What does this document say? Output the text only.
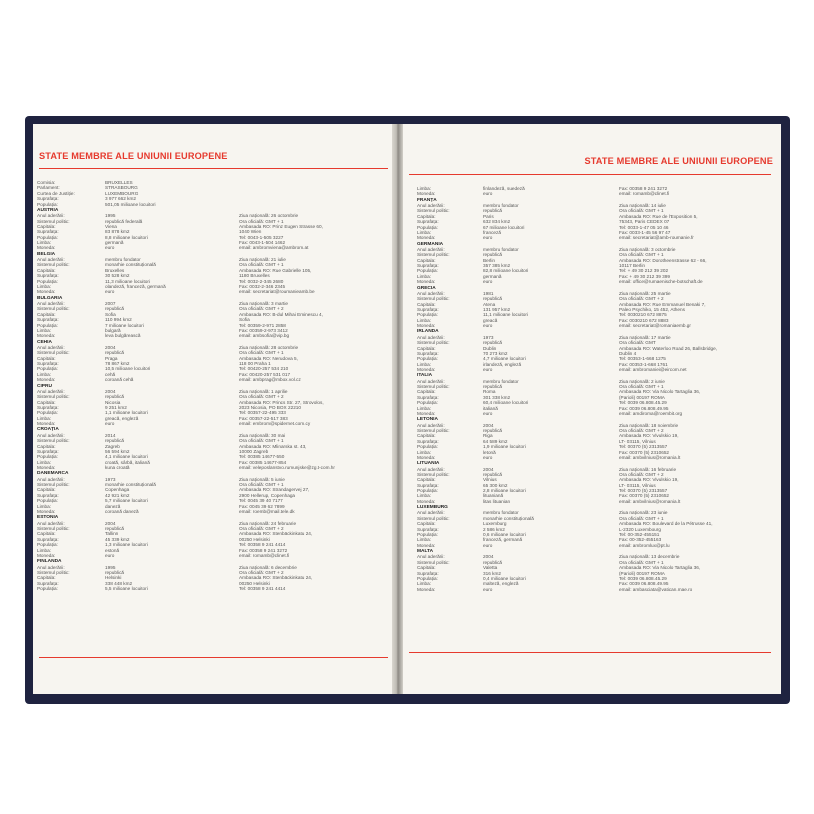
STATE MEMBRE ALE UNIUNII EUROPENE
Comisia:
Parlament:
Curtea de Justiție:
Suprafața:
Populația:
BRUXELLES
STRASBOURG
LUXEMBOURG
3 977 662 km2
501,05 milioane locuitori
AUSTRIA
Anul aderării:
Sistemul politic:
Capitala:
Suprafața:
Populația:
Limba:
Moneda:
1995
republică federală
Viena
83 878 km2
8,8 milioane locuitori
germană
euro
Ziua națională: 26 octombrie
Ora oficială: GMT + 1
Ambasada RO: Prinz Eugen Strasse 60,
1040 Wien
Tel: 0043-1-505 3227
Fax: 0043-1-504 1462
email: ambromviena@ambrom.at
BELGIA
Anul aderării:
Sistemul politic:
Capitala:
Suprafața:
Populația:
Limba:
Moneda:
membru fondator
monarhie constituțională
Bruxelles
30 528 km2
11,3 milioane locuitori
olandeză, franceză, germană
euro
Ziua națională: 21 iulie
Ora oficială: GMT + 1
Ambasada RO: Rue Gabrielle 105,
1180 Bruxelles
Tel: 0032-2-345 2680
Fax: 0032-2-346 2345
email: secretariat@roumanieamb.be
BULGARIA
Anul aderării:
Sistemul politic:
Capitala:
Suprafața:
Populația:
Limba:
Moneda:
2007
republică
Sofia
110 994 km2
7 milioane locuitori
bulgară
leva bulgărească
Ziua națională: 3 martie
Ora oficială: GMT + 2
Ambasada RO: B-dul Mihai Eminescu 4,
Sofia
Tel: 00359-2-971 2858
Fax: 00359-2-973 3412
email: ambsofia@vip.bg
CEHIA
Anul aderării:
Sistemul politic:
Capitala:
Suprafața:
Populația:
Limba:
Moneda:
2004
republică
Praga
78 867 km2
10,5 milioane locuitori
cehă
coroană cehă
Ziua națională: 28 octombrie
Ora oficială: GMT + 1
Ambasada RO: Nerudova 5,
118 00 Praha 1
Tel: 00420-257 534 210
Fax: 00420-257 531 017
email: ambprag@mbox.vol.cz
CIPRU
Anul aderării:
Sistemul politic:
Capitala:
Suprafața:
Populația:
Limba:
Moneda:
2004
republică
Nicosia
9 251 km2
1,1 milioane locuitori
greacă, engleză
euro
Ziua națională: 1 aprilie
Ora oficială: GMT + 2
Ambasada RO: Princs Str. 27, Strovolos,
2023 Nicosia, PO BOX 22210
Tel: 00357-22-495 333
Fax: 00357-22-517 383
email: embrom@spidernet.com.cy
CROAȚIA
Anul aderării:
Sistemul politic:
Capitala:
Suprafața:
Populația:
Limba:
Moneda:
2014
republică
Zagreb
56 594 km2
4,1 milioane locuitori
croată, sârbă, italiană
kuna croată
Ziua națională: 30 mai
Ora oficială: GMT + 1
Ambasada RO: Mlinarska st. 43,
10000 Zagreb
Tel: 00385 14677-550
Fax: 00385 14677-854
email: veleposlanstvo.rumunjske@zg.t-com.hr
DANEMARCA
Anul aderării:
Sistemul politic:
Capitala:
Suprafața:
Populația:
Limba:
Moneda:
1973
monarhie constituțională
Copenhaga
42 921 km2
5,7 milioane locuitori
daneză
coroană daneză
Ziua națională: 5 iunie
Ora oficială: GMT + 1
Ambasada RO: Strandagervej 27,
2900 Hellerup, Copenhaga
Tel: 0045 39 40 7177
Fax: 0045 39 62 7899
email: roemb@mail.tele.dk
ESTONIA
Anul aderării:
Sistemul politic:
Capitala:
Suprafața:
Populația:
Limba:
Moneda:
2004
republică
Tallinn
45 339 km2
1,3 milioane locuitori
estonă
euro
Ziua națională: 24 februarie
Ora oficială: GMT + 2
Ambasada RO: Stenbäckinkatu 24,
00250 Helsinki
Tel: 00358 9 241 4414
Fax: 00358 9 241 3272
email: romamb@clinet.fi
FINLANDA
Anul aderării:
Sistemul politic:
Capitala:
Suprafața:
Populația:
1995
republică
Helsinki
338 448 km2
5,5 milioane locuitori
Ziua națională: 6 decembrie
Ora oficială: GMT + 2
Ambasada RO: Stenbäckinkatu 24,
00250 Helsinki
Tel: 00358 9 241 4414
STATE MEMBRE ALE UNIUNII EUROPENE
Limba:
Moneda:
finlandeză, suedeză
euro
Fax: 00358 9 241 3272
email: romamb@clinet.fi
FRANȚA
Anul aderării:
Sistemul politic:
Capitala:
Suprafața:
Populația:
Limba:
Moneda:
membru fondator
republică
Paris
632 834 km2
67 milioane locuitori
franceză
euro
Ziua națională: 14 iulie
Ora oficială: GMT + 1
Ambasada RO: Rue de l'Exposition 5,
75343, Paris CEDEX 07
Tel: 0033-1-47 05 10 46
Fax: 0033-1-45 56 97 47
email: secretariat@amb-roumanie.fr
GERMANIA
Anul aderării:
Sistemul politic:
Capitala:
Suprafața:
Populația:
Limba:
Moneda:
membru fondator
republică
Berlin
357 385 km2
82,8 milioane locuitori
germană
euro
Ziua națională: 3 octombrie
Ora oficială: GMT + 1
Ambasada RO: Dorotheenstrasse 62 - 66,
10117 Berlin
Tel: + 49 30 212 39 202
Fax: + 49 30 212 39 399
email: office@rumaenische-botschaft.de
GRECIA
Anul aderării:
Sistemul politic:
Capitala:
Suprafața:
Populația:
Limba:
Moneda:
1981
republică
Atena
131 957 km2
11,1 milioane locuitori
greacă
euro
Ziua națională: 25 martie
Ora oficială: GMT + 2
Ambasada RO: Rue Emmanuel Benaki 7,
Paleo Psychiko, 15 452, Athens
Tel: 0030210 672 8875
Fax: 0030210 672 8883
email: secretariat@romaniaemb.gr
IRLANDA
Anul aderării:
Sistemul politic:
Capitala:
Suprafața:
Populația:
Limba:
Moneda:
1973
republică
Dublin
70 273 km2
4,7 milioane locuitori
irlandeză, engleză
euro
Ziua națională: 17 martie
Ora oficială: GMT
Ambasada RO: Waterloo Road 26, Ballsbridge,
Dublin 4
Tel: 00353-1-668 1275
Fax: 00353-1-668 1761
email: ambromaniei@eircom.net
ITALIA
Anul aderării:
Sistemul politic:
Capitala:
Suprafața:
Populația:
Limba:
Moneda:
membru fondator
republică
Roma
301 338 km2
60,4 milioane locuitori
italiană
euro
Ziua națională: 2 iunie
Ora oficială: GMT + 1
Ambasada RO: Via Nicolo Tartaglia 36,
(Parioli) 00197 ROMA
Tel: 0039 06.808.45.29
Fax: 0039 06.808.49.95
email: amdiroma@roembit.org
LETONIA
Anul aderării:
Sistemul politic:
Capitala:
Suprafața:
Populația:
Limba:
Moneda:
2004
republică
Riga
64 589 km2
1,9 milioane locuitori
letonă
euro
Ziua națională: 18 noiembrie
Ora oficială: GMT + 2
Ambasada RO: Vivulskio 19,
LT- 03115, Vilnius
Tel: 00370 (5) 2313557
Fax: 00370 (5) 2310652
email: ambvilnius@romania.lt
LITUANIA
Anul aderării:
Sistemul politic:
Capitala:
Suprafața:
Populația:
Limba:
Moneda:
2004
republică
Vilnius
65 300 km2
2,8 milioane locuitori
lituaniană
litas lituanian
Ziua națională: 16 februarie
Ora oficială: GMT + 2
Ambasada RO: Vivulskio 19,
LT- 03115, Vilnius
Tel: 00370 (5) 2313557
Fax: 00370 (5) 2310652
email: ambvilnius@romania.lt
LUXEMBURG
Anul aderării:
Sistemul politic:
Capitala:
Suprafața:
Populația:
Limba:
Moneda:
membru fondator
monarhie constituțională
Luxemburg
2 586 km2
0,6 milioane locuitori
franceză, germană
euro
Ziua națională: 23 iunie
Ora oficială: GMT + 1
Ambasada RO: Boulevard de la Pétrusse 41,
L-2320 Luxembourg
Tel: 00-352-455151
Fax: 00-352-455163
email: ambromlux@pt.lu
MALTA
Anul aderării:
Sistemul politic:
Capitala:
Suprafața:
Populația:
Limba:
Moneda:
2004
republică
Valetta
316 km2
0,4 milioane locuitori
malteză, engleză
euro
Ziua națională: 13 decembrie
Ora oficială: GMT + 1
Ambasada RO: Via Nicolo Tartaglia 36,
(Parioli) 00197 ROMA
Tel: 0039 06.808.45.29
Fax: 0039 06.808.49.95
email: ambasciata@vatican.mae.ro
